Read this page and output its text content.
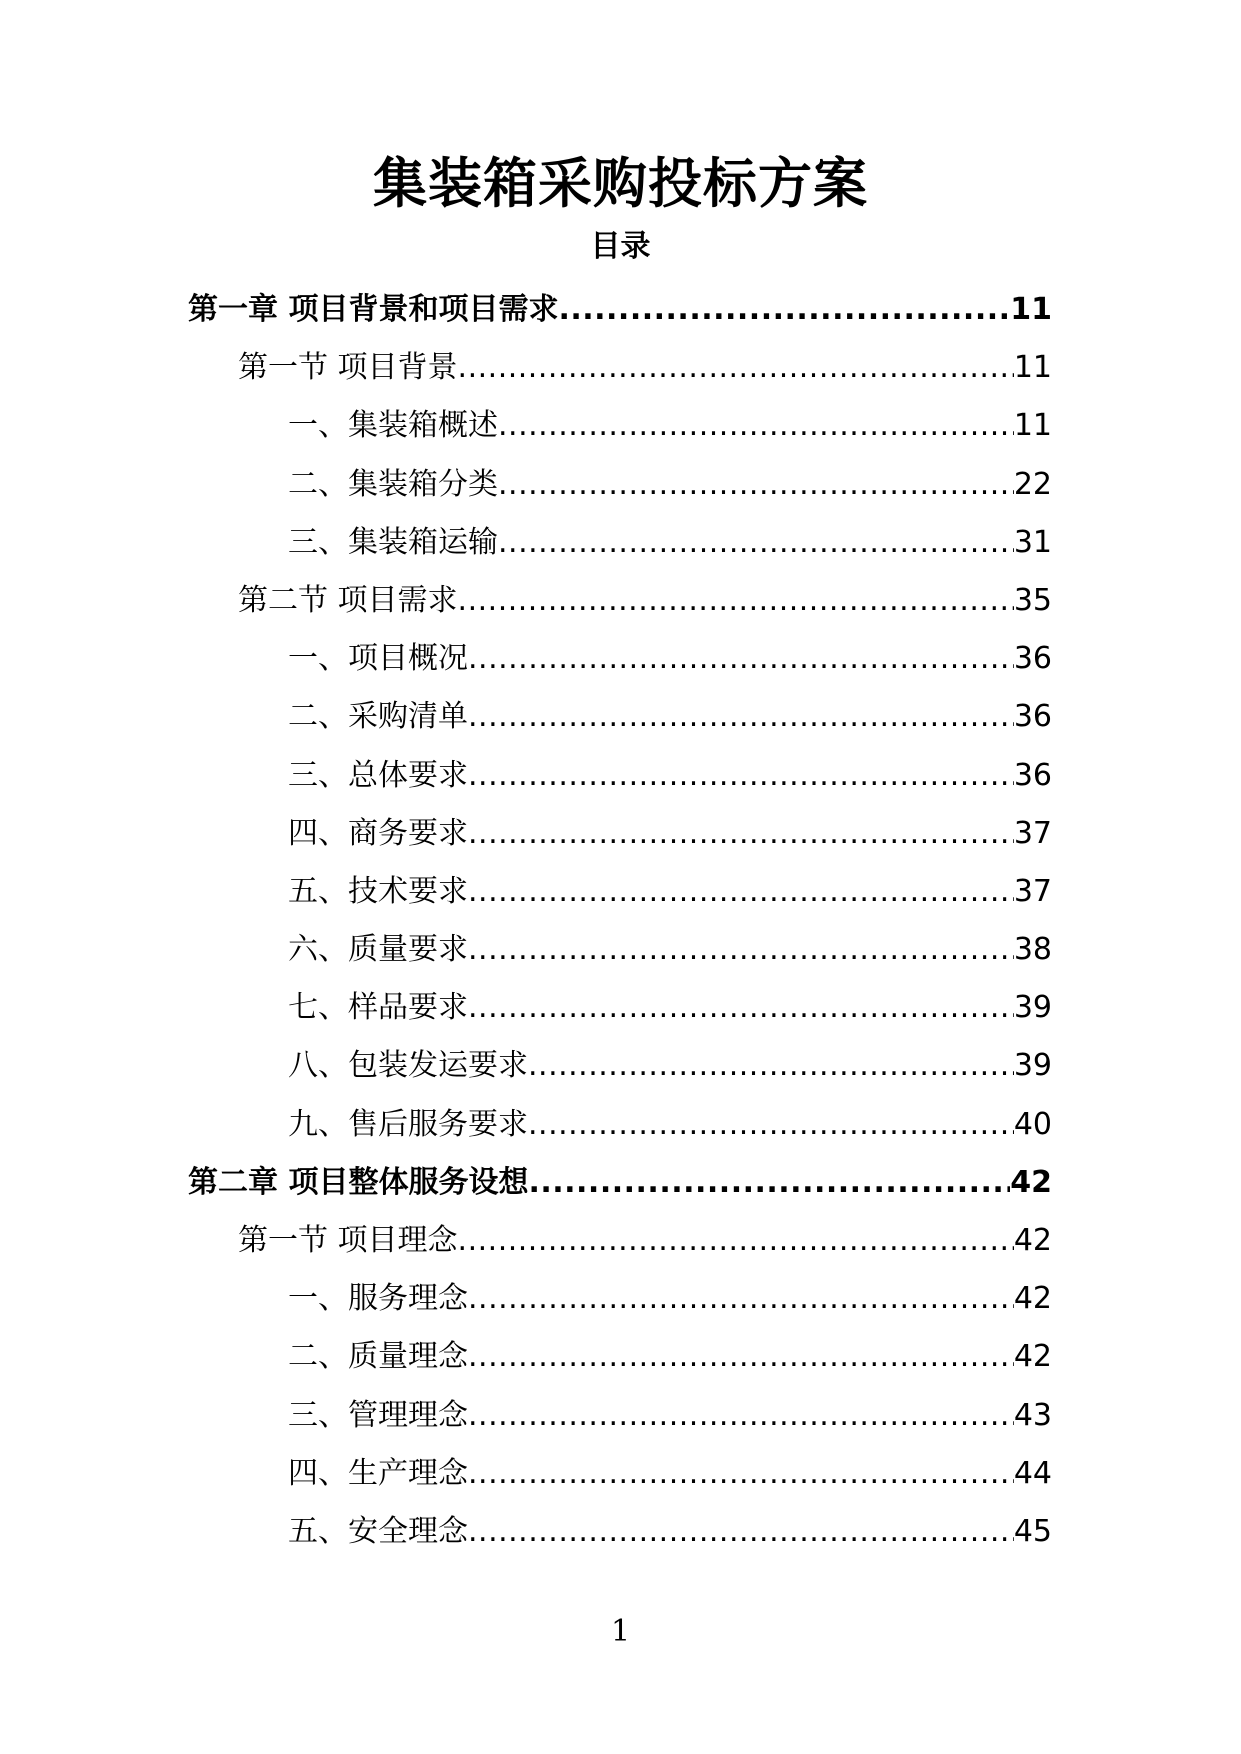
集装箱采购投标方案
目录
第一章 项目背景和项目需求 .....	11
第一节 项目背景 .....	11
一、集装箱概述 .....	11
二、集装箱分类 .....	22
三、集装箱运输 .....	31
第二节 项目需求 .....	35
一、项目概况 .....	36
二、采购清单 .....	36
三、总体要求 .....	36
四、商务要求 .....	37
五、技术要求 .....	37
六、质量要求 .....	38
七、样品要求 .....	39
八、包装发运要求 .....	39
九、售后服务要求 .....	40
第二章 项目整体服务设想 .....	42
第一节 项目理念 .....	42
一、服务理念 .....	42
二、质量理念 .....	42
三、管理理念 .....	43
四、生产理念 .....	44
五、安全理念 .....	45
1
